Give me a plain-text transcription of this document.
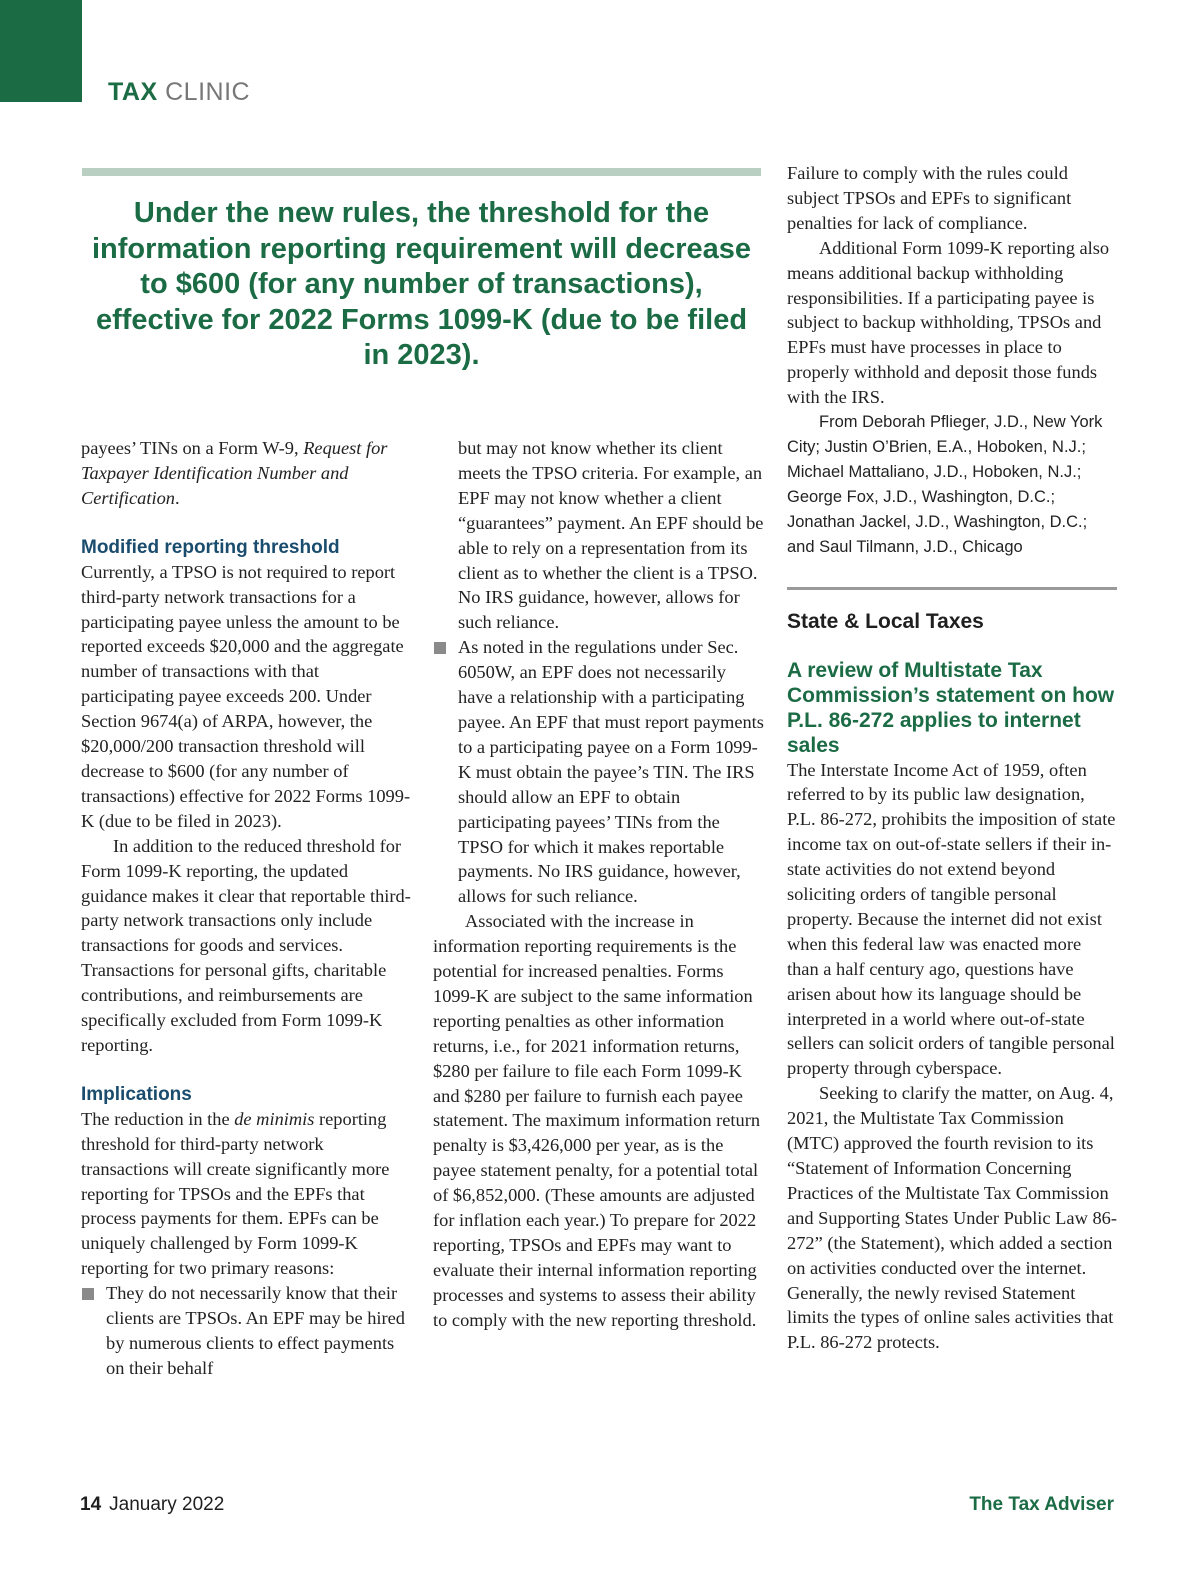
TAX CLINIC
Under the new rules, the threshold for the information reporting requirement will decrease to $600 (for any number of transactions), effective for 2022 Forms 1099-K (due to be filed in 2023).

payees’ TINs on a Form W-9, Request for Taxpayer Identification Number and Certification.

Modified reporting threshold

Currently, a TPSO is not required to report third-party network transactions for a participating payee unless the amount to be reported exceeds $20,000 and the aggregate number of transactions with that participating payee exceeds 200. Under Section 9674(a) of ARPA, however, the $20,000/200 transaction threshold will decrease to $600 (for any number of transactions) effective for 2022 Forms 1099-K (due to be filed in 2023).

In addition to the reduced threshold for Form 1099-K reporting, the updated guidance makes it clear that reportable third-party network transactions only include transactions for goods and services. Transactions for personal gifts, charitable contributions, and reimbursements are specifically excluded from Form 1099-K reporting.

Implications

The reduction in the de minimis reporting threshold for third-party network transactions will create significantly more reporting for TPSOs and the EPFs that process payments for them. EPFs can be uniquely challenged by Form 1099-K reporting for two primary reasons:

They do not necessarily know that their clients are TPSOs. An EPF may be hired by numerous clients to effect payments on their behalf
but may not know whether its client meets the TPSO criteria. For example, an EPF may not know whether a client “guarantees” payment. An EPF should be able to rely on a representation from its client as to whether the client is a TPSO. No IRS guidance, however, allows for such reliance.
As noted in the regulations under Sec. 6050W, an EPF does not necessarily have a relationship with a participating payee. An EPF that must report payments to a participating payee on a Form 1099-K must obtain the payee’s TIN. The IRS should allow an EPF to obtain participating payees’ TINs from the TPSO for which it makes reportable payments. No IRS guidance, however, allows for such reliance.

Associated with the increase in information reporting requirements is the potential for increased penalties. Forms 1099-K are subject to the same information reporting penalties as other information returns, i.e., for 2021 information returns, $280 per failure to file each Form 1099-K and $280 per failure to furnish each payee statement. The maximum information return penalty is $3,426,000 per year, as is the payee statement penalty, for a potential total of $6,852,000. (These amounts are adjusted for inflation each year.) To prepare for 2022 reporting, TPSOs and EPFs may want to evaluate their internal information reporting processes and systems to assess their ability to comply with the new reporting threshold.

Failure to comply with the rules could subject TPSOs and EPFs to significant penalties for lack of compliance.

Additional Form 1099-K reporting also means additional backup withholding responsibilities. If a participating payee is subject to backup withholding, TPSOs and EPFs must have processes in place to properly withhold and deposit those funds with the IRS.

From Deborah Pflieger, J.D., New York City; Justin O’Brien, E.A., Hoboken, N.J.; Michael Mattaliano, J.D., Hoboken, N.J.; George Fox, J.D., Washington, D.C.; Jonathan Jackel, J.D., Washington, D.C.; and Saul Tilmann, J.D., Chicago

State & Local Taxes
A review of Multistate Tax Commission’s statement on how P.L. 86-272 applies to internet sales

The Interstate Income Act of 1959, often referred to by its public law designation, P.L. 86-272, prohibits the imposition of state income tax on out-of-state sellers if their in-state activities do not extend beyond soliciting orders of tangible personal property. Because the internet did not exist when this federal law was enacted more than a half century ago, questions have arisen about how its language should be interpreted in a world where out-of-state sellers can solicit orders of tangible personal property through cyberspace.

Seeking to clarify the matter, on Aug. 4, 2021, the Multistate Tax Commission (MTC) approved the fourth revision to its “Statement of Information Concerning Practices of the Multistate Tax Commission and Supporting States Under Public Law 86-272” (the Statement), which added a section on activities conducted over the internet. Generally, the newly revised Statement limits the types of online sales activities that P.L. 86-272 protects.

14 January 2022	The Tax Adviser
